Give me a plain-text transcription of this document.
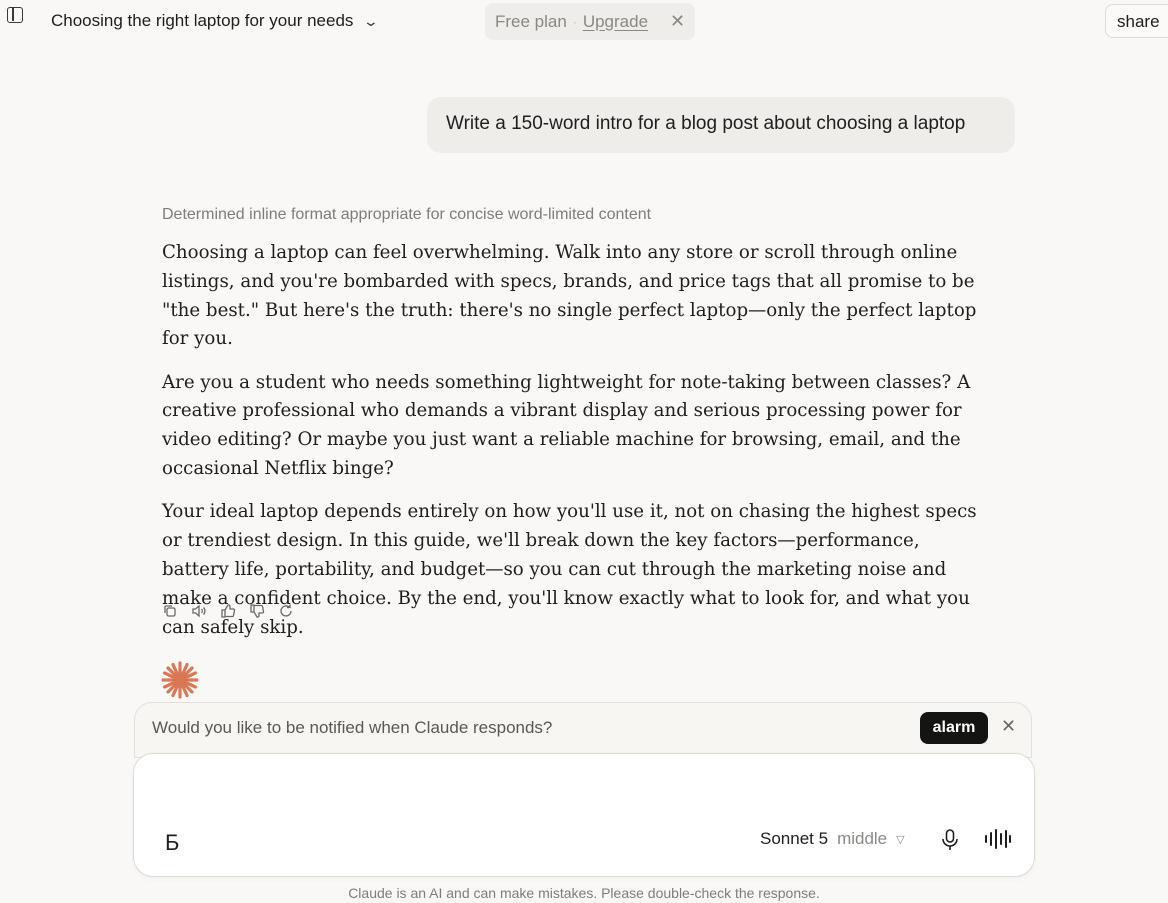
Choosing the right laptop for your needs ⌄	Free plan · Upgrade ✕	share
Write a 150-word intro for a blog post about choosing a laptop
Determined inline format appropriate for concise word-limited content

Choosing a laptop can feel overwhelming. Walk into any store or scroll through online listings, and you're bombarded with specs, brands, and price tags that all promise to be "the best." But here's the truth: there's no single perfect laptop—only the perfect laptop for you.

Are you a student who needs something lightweight for note-taking between classes? A creative professional who demands a vibrant display and serious processing power for video editing? Or maybe you just want a reliable machine for browsing, email, and the occasional Netflix binge?

Your ideal laptop depends entirely on how you'll use it, not on chasing the highest specs or trendiest design. In this guide, we'll break down the key factors—performance, battery life, portability, and budget—so you can cut through the marketing noise and make a confident choice. By the end, you'll know exactly what to look for, and what you can safely skip.

Would you like to be notified when Claude responds?	alarm	✕
Б	Sonnet 5 middle ▽
Claude is an AI and can make mistakes. Please double-check the response.
